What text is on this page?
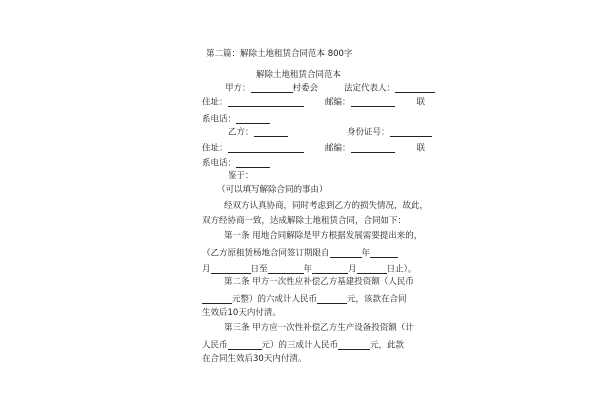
第二篇：解除土地租赁合同范本 800字
解除土地租赁合同范本
甲方：	村委会	法定代表人：
住址：	邮编：	联
系电话：
乙方：	身份证号：
住址：	邮编：	联
系电话：
鉴于：
（可以填写解除合同的事由）
经双方认真协商，同时考虑到乙方的损失情况，故此，
双方经协商一致，达成解除土地租赁合同，合同如下：
第一条 甩地合同解除是甲方根据发展需要提出来的，
（乙方原租赁杨地合同签订期限自	年
月	日至	年	月	日止）。
第二条 甲方一次性应补偿乙方基建投资额（人民币
元整）的六成计人民币	元，该款在合同
生效后10天内付清。
第三条 甲方应一次性补偿乙方生产设备投资额（计
人民币	元）的三成计人民币	元，此款
在合同生效后30天内付清。
